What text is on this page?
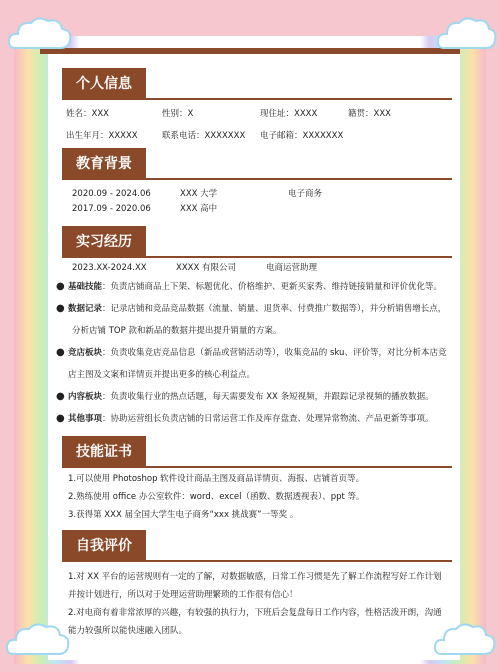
个人信息
姓名：XXX	性别：X	现住址：XXXX	籍贯：XXX
出生年月：XXXXX	联系电话：XXXXXXX 电子邮箱：XXXXXXX
教育背景
2020.09 - 2024.06	XXX 大学	电子商务
2017.09 - 2020.06	XXX 高中
实习经历
2023.XX-2024.XX	XXXX 有限公司	电商运营助理
● 基础技能：负责店铺商品上下架、标题优化、价格维护、更新买家秀、维持链接销量和评价优化等。
● 数据记录：记录店铺和竞品竞品数据（流量、销量、退货率、付费推广数据等），并分析销售增长点，
分析店铺 TOP 款和新品的数据并提出提升销量的方案。
● 竞店板块：负责收集竞店竞品信息（新品或营销活动等），收集竞品的 sku、评价等，对比分析本店竞
店主图及文案和详情页并提出更多的核心利益点。
● 内容板块：负责收集行业的热点话题，每天需要发布 XX 条短视频，并跟踪记录视频的播放数据。
● 其他事项：协助运营组长负责店铺的日常运营工作及库存盘查、处理异常物流、产品更新等事项。
技能证书
1.可以使用 Photoshop 软件设计商品主图及商品详情页、海报、店铺首页等。
2.熟练使用 office 办公室软件：word、excel（函数、数据透视表）、ppt 等。
3.获得第 XXX 届全国大学生电子商务“xxx 挑战赛”一等奖 。
自我评价
1.对 XX 平台的运营规则有一定的了解，对数据敏感，日常工作习惯是先了解工作流程写好工作计划
并按计划进行，所以对于处理运营助理繁琐的工作很有信心！
2.对电商有着非常浓厚的兴趣，有较强的执行力，下班后会复盘每日工作内容，性格活泼开朗，沟通
能力较强所以能快速融入团队。
